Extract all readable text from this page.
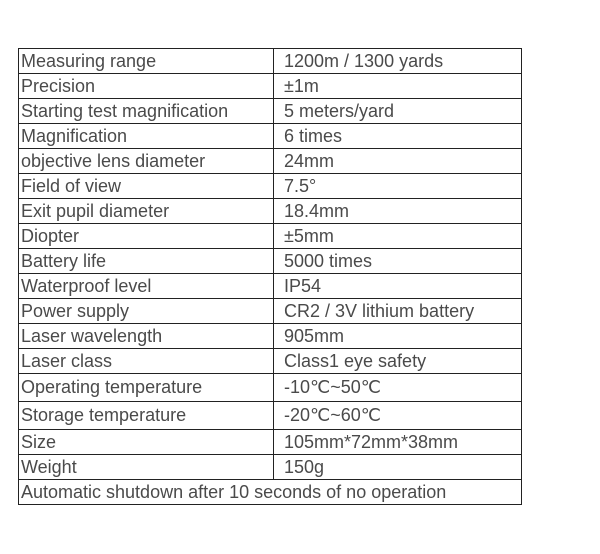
Measuring range	1200m / 1300 yards
Precision	±1m
Starting test magnification	5 meters/yard
Magnification	6 times
objective lens diameter	24mm
Field of view	7.5°
Exit pupil diameter	18.4mm
Diopter	±5mm
Battery life	5000 times
Waterproof level	IP54
Power supply	CR2 / 3V lithium battery
Laser wavelength	905mm
Laser class	Class1 eye safety
Operating temperature	-10℃~50℃
Storage temperature	-20℃~60℃
Size	105mm*72mm*38mm
Weight	150g
Automatic shutdown after 10 seconds of no operation	
